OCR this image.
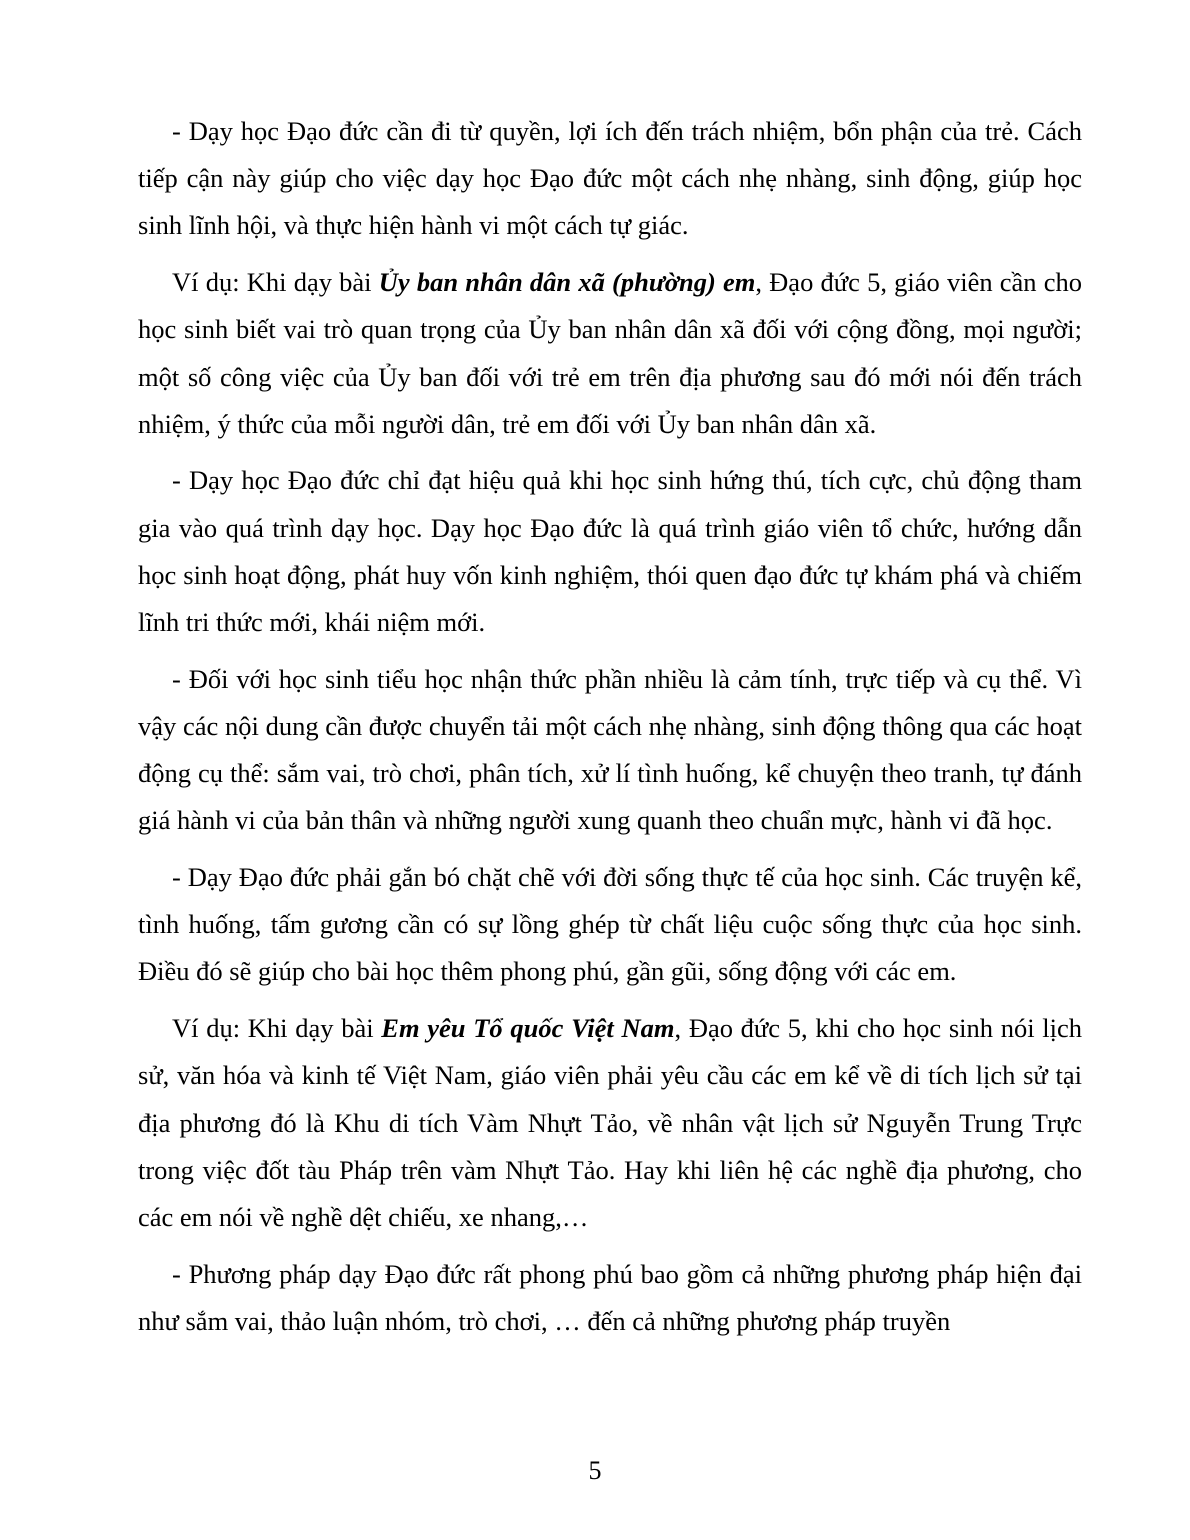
- Dạy học Đạo đức cần đi từ quyền, lợi ích đến trách nhiệm, bổn phận của trẻ. Cách tiếp cận này giúp cho việc dạy học Đạo đức một cách nhẹ nhàng, sinh động, giúp học sinh lĩnh hội, và thực hiện hành vi một cách tự giác.

Ví dụ: Khi dạy bài Ủy ban nhân dân xã (phường) em, Đạo đức 5, giáo viên cần cho học sinh biết vai trò quan trọng của Ủy ban nhân dân xã đối với cộng đồng, mọi người; một số công việc của Ủy ban đối với trẻ em trên địa phương sau đó mới nói đến trách nhiệm, ý thức của mỗi người dân, trẻ em đối với Ủy ban nhân dân xã.

- Dạy học Đạo đức chỉ đạt hiệu quả khi học sinh hứng thú, tích cực, chủ động tham gia vào quá trình dạy học. Dạy học Đạo đức là quá trình giáo viên tổ chức, hướng dẫn học sinh hoạt động, phát huy vốn kinh nghiệm, thói quen đạo đức tự khám phá và chiếm lĩnh tri thức mới, khái niệm mới.

- Đối với học sinh tiểu học nhận thức phần nhiều là cảm tính, trực tiếp và cụ thể. Vì vậy các nội dung cần được chuyển tải một cách nhẹ nhàng, sinh động thông qua các hoạt động cụ thể: sắm vai, trò chơi, phân tích, xử lí tình huống, kể chuyện theo tranh, tự đánh giá hành vi của bản thân và những người xung quanh theo chuẩn mực, hành vi đã học.

- Dạy Đạo đức phải gắn bó chặt chẽ với đời sống thực tế của học sinh. Các truyện kể, tình huống, tấm gương cần có sự lồng ghép từ chất liệu cuộc sống thực của học sinh. Điều đó sẽ giúp cho bài học thêm phong phú, gần gũi, sống động với các em.

Ví dụ: Khi dạy bài Em yêu Tổ quốc Việt Nam, Đạo đức 5, khi cho học sinh nói lịch sử, văn hóa và kinh tế Việt Nam, giáo viên phải yêu cầu các em kể về di tích lịch sử tại địa phương đó là Khu di tích Vàm Nhựt Tảo, về nhân vật lịch sử Nguyễn Trung Trực trong việc đốt tàu Pháp trên vàm Nhựt Tảo. Hay khi liên hệ các nghề địa phương, cho các em nói về nghề dệt chiếu, xe nhang,…

- Phương pháp dạy Đạo đức rất phong phú bao gồm cả những phương pháp hiện đại như sắm vai, thảo luận nhóm, trò chơi, … đến cả những phương pháp truyền

5
